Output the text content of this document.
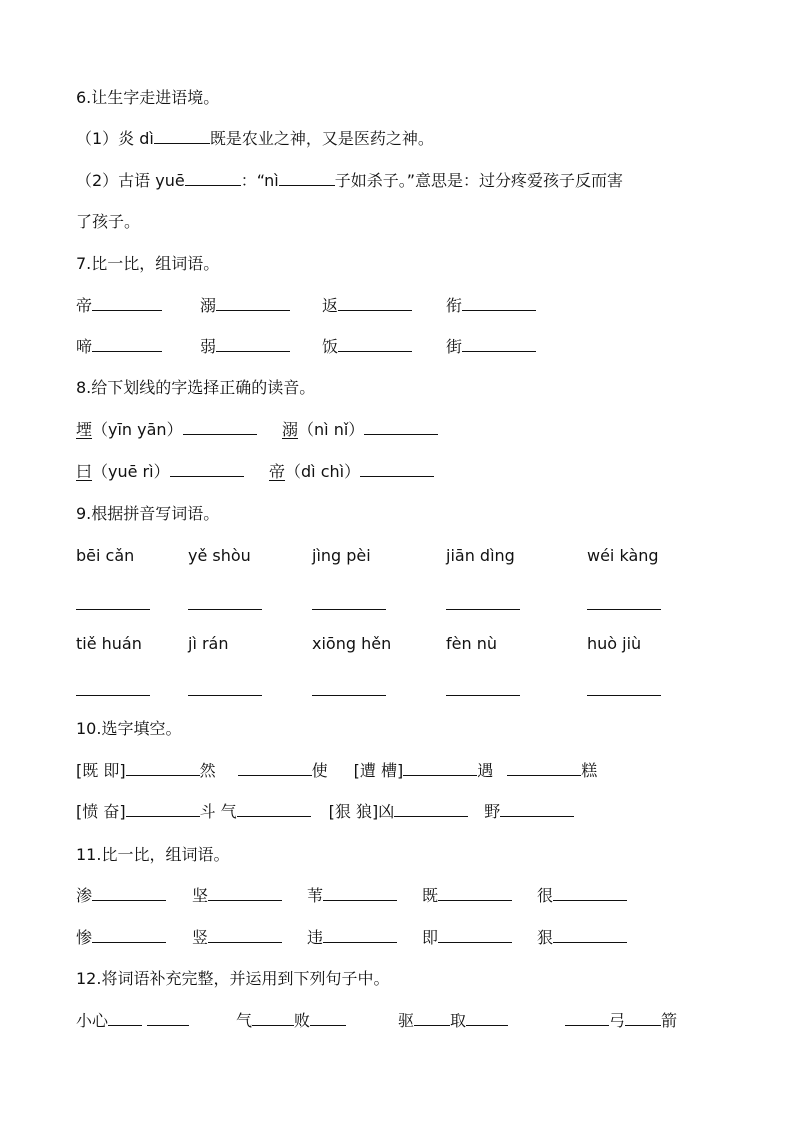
6.让生字走进语境。
（1）炎 dì	既是农业之神，又是医药之神。
（2）古语 yuē	：“nì	子如杀子。”意思是：过分疼爱孩子反而害
了孩子。
7.比一比，组词语。
帝	溺	返	衔
啼	弱	饭	街
8.给下划线的字选择正确的读音。
堙（yīn yān）	溺（nì nǐ）
曰（yuē rì）	帝（dì chì）
9.根据拼音写词语。
bēi cǎn	yě shòu	jìng pèi	jiān dìng	wéi kàng
tiě huán	jì rán	xiōng hěn	fèn nù	huò jiù
10.选字填空。
[既 即]	然	使 [遭 槽]	遇	糕
[愤 奋]	斗 气	[狠 狼]凶	野
11.比一比，组词语。
渗	坚	苇	既	很
惨	竖	违	即	狠
12.将词语补充完整，并运用到下列句子中。
小心	气	败	驱 取	弓 箭
